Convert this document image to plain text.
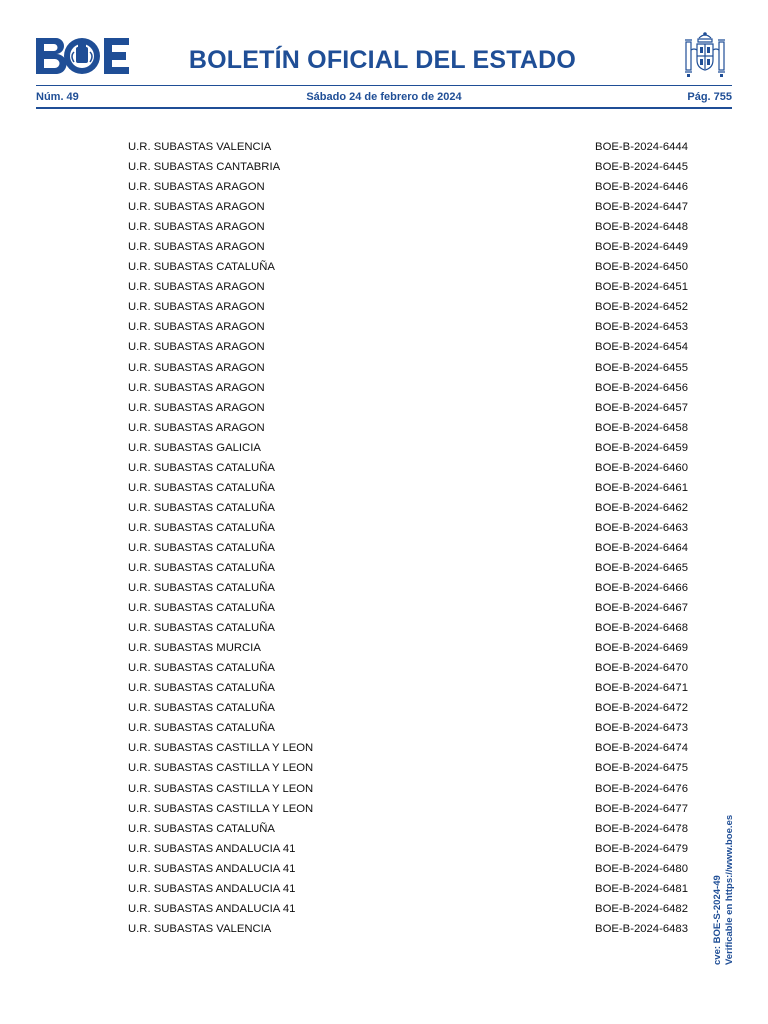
BOLETÍN OFICIAL DEL ESTADO
Núm. 49	Sábado 24 de febrero de 2024	Pág. 755
U.R. SUBASTAS VALENCIA	BOE-B-2024-6444
U.R. SUBASTAS CANTABRIA	BOE-B-2024-6445
U.R. SUBASTAS ARAGON	BOE-B-2024-6446
U.R. SUBASTAS ARAGON	BOE-B-2024-6447
U.R. SUBASTAS ARAGON	BOE-B-2024-6448
U.R. SUBASTAS ARAGON	BOE-B-2024-6449
U.R. SUBASTAS CATALUÑA	BOE-B-2024-6450
U.R. SUBASTAS ARAGON	BOE-B-2024-6451
U.R. SUBASTAS ARAGON	BOE-B-2024-6452
U.R. SUBASTAS ARAGON	BOE-B-2024-6453
U.R. SUBASTAS ARAGON	BOE-B-2024-6454
U.R. SUBASTAS ARAGON	BOE-B-2024-6455
U.R. SUBASTAS ARAGON	BOE-B-2024-6456
U.R. SUBASTAS ARAGON	BOE-B-2024-6457
U.R. SUBASTAS ARAGON	BOE-B-2024-6458
U.R. SUBASTAS GALICIA	BOE-B-2024-6459
U.R. SUBASTAS CATALUÑA	BOE-B-2024-6460
U.R. SUBASTAS CATALUÑA	BOE-B-2024-6461
U.R. SUBASTAS CATALUÑA	BOE-B-2024-6462
U.R. SUBASTAS CATALUÑA	BOE-B-2024-6463
U.R. SUBASTAS CATALUÑA	BOE-B-2024-6464
U.R. SUBASTAS CATALUÑA	BOE-B-2024-6465
U.R. SUBASTAS CATALUÑA	BOE-B-2024-6466
U.R. SUBASTAS CATALUÑA	BOE-B-2024-6467
U.R. SUBASTAS CATALUÑA	BOE-B-2024-6468
U.R. SUBASTAS MURCIA	BOE-B-2024-6469
U.R. SUBASTAS CATALUÑA	BOE-B-2024-6470
U.R. SUBASTAS CATALUÑA	BOE-B-2024-6471
U.R. SUBASTAS CATALUÑA	BOE-B-2024-6472
U.R. SUBASTAS CATALUÑA	BOE-B-2024-6473
U.R. SUBASTAS CASTILLA Y LEON	BOE-B-2024-6474
U.R. SUBASTAS CASTILLA Y LEON	BOE-B-2024-6475
U.R. SUBASTAS CASTILLA Y LEON	BOE-B-2024-6476
U.R. SUBASTAS CASTILLA Y LEON	BOE-B-2024-6477
U.R. SUBASTAS CATALUÑA	BOE-B-2024-6478
U.R. SUBASTAS ANDALUCIA 41	BOE-B-2024-6479
U.R. SUBASTAS ANDALUCIA 41	BOE-B-2024-6480
U.R. SUBASTAS ANDALUCIA 41	BOE-B-2024-6481
U.R. SUBASTAS ANDALUCIA 41	BOE-B-2024-6482
U.R. SUBASTAS VALENCIA	BOE-B-2024-6483	cve: BOE-S-2024-49 Verificable en https://www.boe.es
